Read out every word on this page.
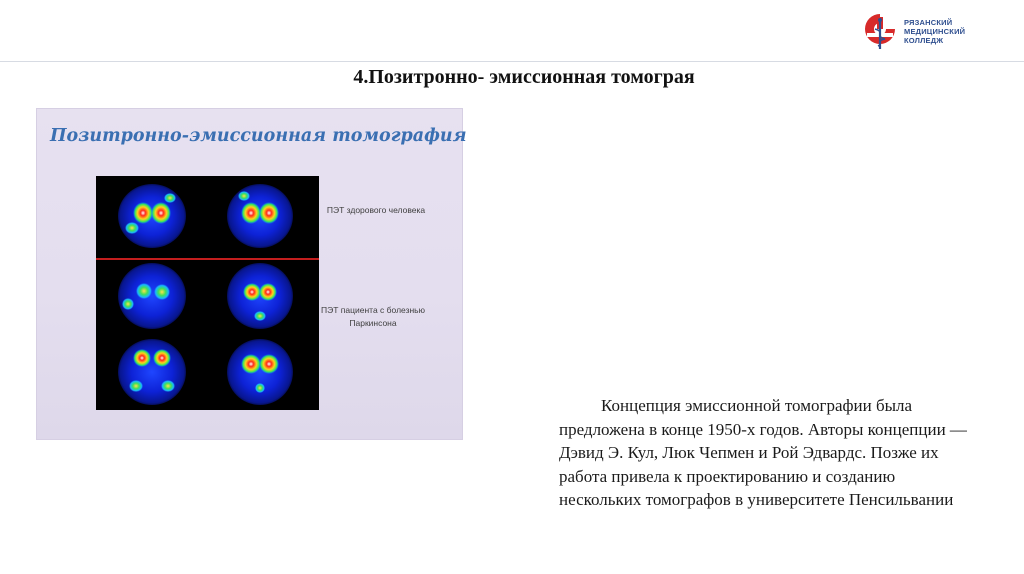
РЯЗАНСКИЙ
МЕДИЦИНСКИЙ
КОЛЛЕДЖ
4.Позитронно- эмиссионная томограя
Позитронно-эмиссионная томография
ПЭТ здорового человека
ПЭТ пациента с болезнью Паркинсона

Концепция эмиссионной томографии была предложена в конце 1950-х годов. Авторы концепции — Дэвид Э. Кул, Люк Чепмен и Рой Эдвардс. Позже их работа привела к проектированию и созданию нескольких томографов в университете Пенсильвании
